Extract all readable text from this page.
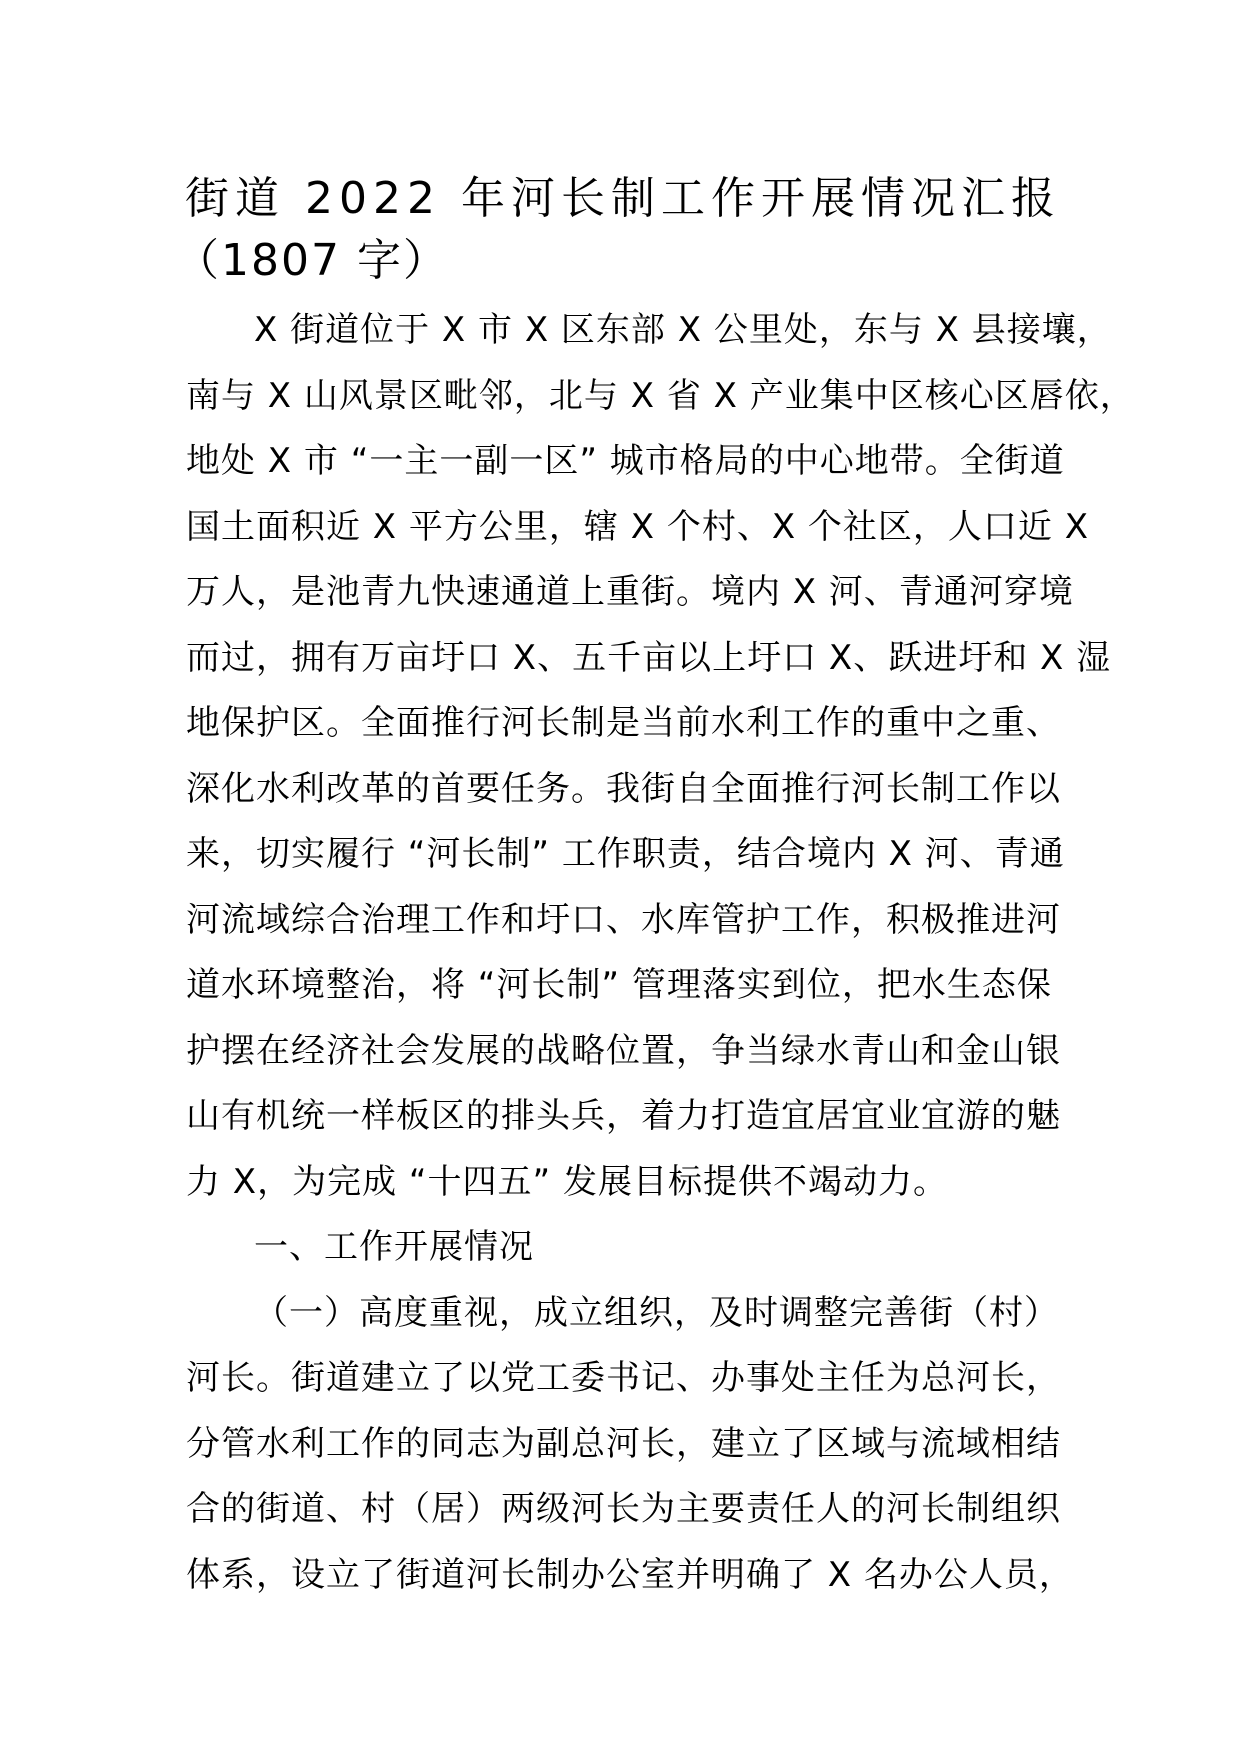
街道 2022 年河长制工作开展情况汇报
（1807 字）
X 街道位于 X 市 X 区东部 X 公里处，东与 X 县接壤，
南与 X 山风景区毗邻，北与 X 省 X 产业集中区核心区唇依，
地处 X 市 “一主一副一区” 城市格局的中心地带。全街道
国土面积近 X 平方公里，辖 X 个村、X 个社区，人口近 X
万人，是池青九快速通道上重街。境内 X 河、青通河穿境
而过，拥有万亩圩口 X、五千亩以上圩口 X、跃进圩和 X 湿
地保护区。全面推行河长制是当前水利工作的重中之重、
深化水利改革的首要任务。我街自全面推行河长制工作以
来，切实履行 “河长制” 工作职责，结合境内 X 河、青通
河流域综合治理工作和圩口、水库管护工作，积极推进河
道水环境整治，将 “河长制” 管理落实到位，把水生态保
护摆在经济社会发展的战略位置，争当绿水青山和金山银
山有机统一样板区的排头兵，着力打造宜居宜业宜游的魅
力 X，为完成 “十四五” 发展目标提供不竭动力。
一、工作开展情况
（一）高度重视，成立组织，及时调整完善街（村）
河长。街道建立了以党工委书记、办事处主任为总河长，
分管水利工作的同志为副总河长，建立了区域与流域相结
合的街道、村（居）两级河长为主要责任人的河长制组织
体系，设立了街道河长制办公室并明确了 X 名办公人员，
